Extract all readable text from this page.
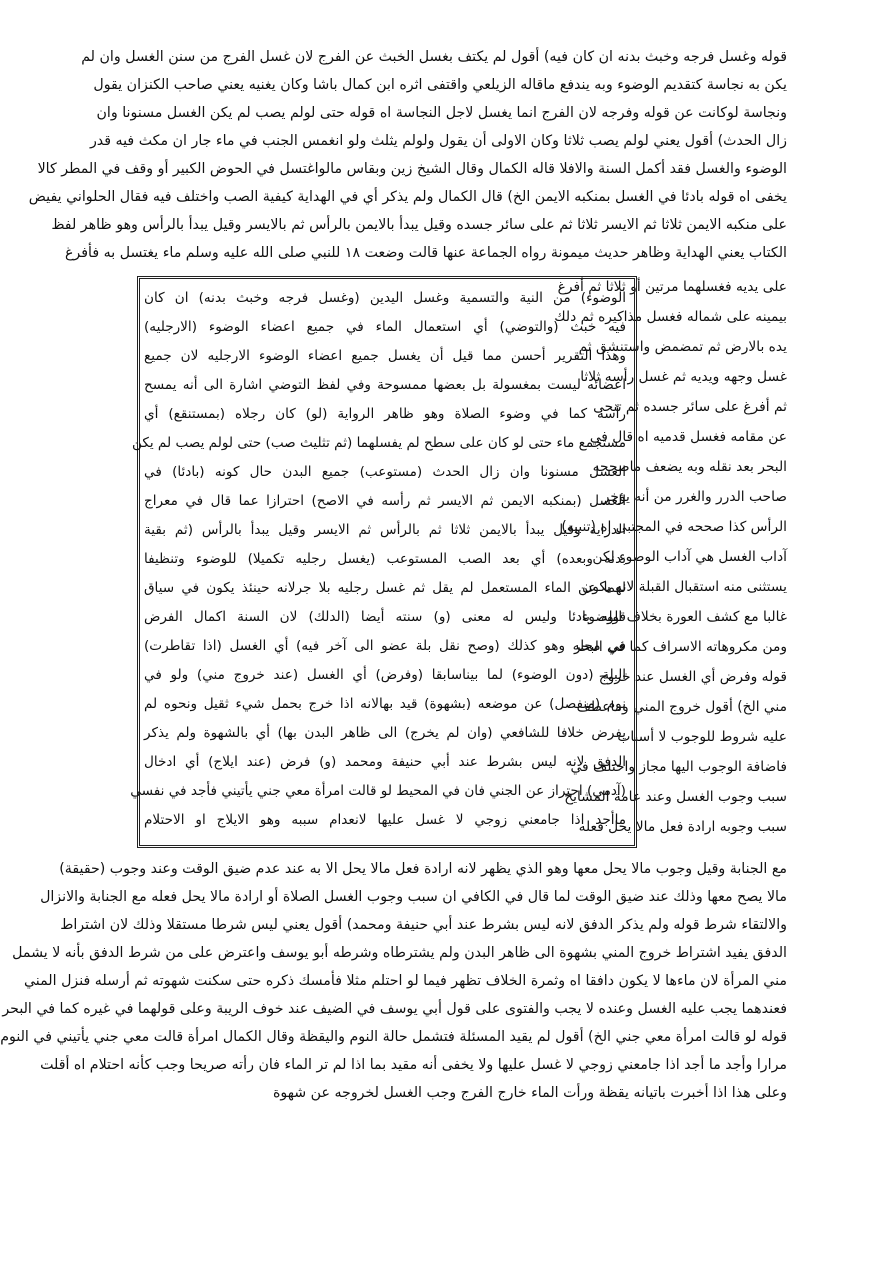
قوله وغسل فرجه وخبث بدنه ان كان فيه) أقول لم يكتف بغسل الخبث عن الفرج لان غسل الفرج من سنن الغسل وان لم
يكن به نجاسة كتقديم الوضوء وبه يندفع ماقاله الزيلعي واقتفى اثره ابن كمال باشا وكان يغنيه يعني صاحب الكنزان يقول
ونجاسة لوكانت عن قوله وفرجه لان الفرج انما يغسل لاجل النجاسة اه قوله حتى لولم يصب لم يكن الغسل مسنونا وان
زال الحدث) أقول يعني لولم يصب ثلاثا وكان الاولى أن يقول ولولم يثلث ولو انغمس الجنب في ماء جار ان مكث فيه قدر
الوضوء والغسل فقد أكمل السنة والافلا قاله الكمال وقال الشيخ زين وبقاس مالواغتسل في الحوض الكبير أو وقف في المطر كالا
يخفى اه قوله بادئا في الغسل بمنكبه الايمن الخ) قال الكمال ولم يذكر أي في الهداية كيفية الصب واختلف فيه فقال الحلواني يفيض
على منكبه الايمن ثلاثا ثم الايسر ثلاثا ثم على سائر جسده وقيل يبدأ بالايمن بالرأس ثم بالايسر وقيل يبدأ بالرأس وهو ظاهر لفظ
الكتاب يعني الهداية وظاهر حديث ميمونة رواه الجماعة عنها قالت وضعت ١٨ للنبي صلى الله عليه وسلم ماء يغتسل به فأفرغ
على يديه فغسلهما مرتين أو ثلاثا ثم أفرغ
بيمينه على شماله فغسل مذاكيره ثم دلك
يده بالارض ثم تمضمض واستنشق ثم
غسل وجهه ويديه ثم غسل رأسه ثلاثا
ثم أفرغ على سائر جسده ثم تنحى
عن مقامه فغسل قدميه اه قال في
البحر بعد نقله وبه يضعف ماصححه
صاحب الدرر والغرر من أنه يؤخر
الرأس كذا صححه في المجتبى اه (تنبيه)
آداب الغسل هي آداب الوضوء لكن
يستثنى منه استقبال القبلة لانه يكون
غالبا مع كشف العورة بخلاف الوضوء
ومن مكروهاته الاسراف كما في البحر
قوله وفرض أي الغسل عند خروج
مني الخ) أقول خروج المني وماعطف
عليه شروط للوجوب لا أسباب
فاضافة الوجوب اليها مجاز واختلف في
سبب وجوب الغسل وعند عامة المشايخ
سبب وجوبه ارادة فعل مالا يحل فعله
الوضوء) من النية والتسمية وغسل اليدين (وغسل فرجه وخبث بدنه) ان كان
فيه خبث (والتوضي) أي استعمال الماء في جميع اعضاء الوضوء (الارجليه)
وهذا التقرير أحسن مما قيل أن يغسل جميع اعضاء الوضوء الارجليه لان جميع
اعضائه ليست بمغسولة بل بعضها ممسوحة وفي لفظ التوضي اشارة الى أنه يمسح
رأسه كما في وضوء الصلاة وهو ظاهر الرواية (لو) كان رجلاه (بمستنقع) أي
مستجمع ماء حتى لو كان على سطح لم يفسلهما (ثم تثليث صب) حتى لولم يصب لم يكن
الغسل مسنونا وان زال الحدث (مستوعب) جميع البدن حال كونه (بادئا) في
الغسل (بمنكبه الايمن ثم الايسر ثم رأسه في الاصح) احترازا عما قال في معراج
الدراية وقيل يبدأ بالايمن ثلاثا ثم بالرأس ثم الايسر وقيل يبدأ بالرأس (ثم بقية
بدنه وبعده) أي بعد الصب المستوعب (يغسل رجليه تكميلا) للوضوء وتنظيفا
لهما عن الماء المستعمل لم يقل ثم غسل رجليه بلا جرلانه حينئذ يكون في سياق
قوله بادئا وليس له معنى (و) سنته أيضا (الدلك) لان السنة اكمال الفرض
في محله وهو كذلك (وصح نقل بلة عضو الى آخر فيه) أي الغسل (اذا تقاطرت)
البلة (دون الوضوء) لما بيناسابقا (وفرض) أي الغسل (عند خروج مني) ولو في
نوم (منفصل) عن موضعه (بشهوة) قيد بهالانه اذا خرج بحمل شيء ثقيل ونحوه لم
يفرض خلافا للشافعي (وان لم يخرج) الى ظاهر البدن بها) أي بالشهوة ولم يذكر
الدفق لانه ليس بشرط عند أبي حنيفة ومحمد (و) فرض (عند ايلاج) أي ادخال
(آدمي) احتراز عن الجني فان في المحيط لو قالت امرأة معي جني يأتيني فأجد في نفسي
ماأجد اذا جامعني زوجي لا غسل عليها لانعدام سببه وهو الايلاج او الاحتلام
مع الجنابة وقيل وجوب مالا يحل معها وهو الذي يظهر لانه ارادة فعل مالا يحل الا به عند عدم ضيق الوقت وعند وجوب (حقيقة)
مالا يصح معها وذلك عند ضيق الوقت لما قال في الكافي ان سبب وجوب الغسل الصلاة أو ارادة مالا يحل فعله مع الجنابة والانزال
والالتقاء شرط قوله ولم يذكر الدفق لانه ليس بشرط عند أبي حنيفة ومحمد) أقول يعني ليس شرطا مستقلا وذلك لان اشتراط
الدفق يفيد اشتراط خروج المني بشهوة الى ظاهر البدن ولم يشترطاه وشرطه أبو يوسف واعترض على من شرط الدفق بأنه لا يشمل
مني المرأة لان ماءها لا يكون دافقا اه وثمرة الخلاف تظهر فيما لو احتلم مثلا فأمسك ذكره حتى سكنت شهوته ثم أرسله فنزل المني
فعندهما يجب عليه الغسل وعنده لا يجب والفتوى على قول أبي يوسف في الضيف عند خوف الريبة وعلى قولهما في غيره كما في البحر
قوله لو قالت امرأة معي جني الخ) أقول لم يقيد المسئلة فتشمل حالة النوم واليقظة وقال الكمال امرأة قالت معي جني يأتيني في النوم
مرارا وأجد ما أجد اذا جامعني زوجي لا غسل عليها ولا يخفى أنه مقيد بما اذا لم تر الماء فان رأته صريحا وجب كأنه احتلام اه أقلت
وعلى هذا اذا أخبرت باتيانه يقظة ورأت الماء خارج الفرج وجب الغسل لخروجه عن شهوة
